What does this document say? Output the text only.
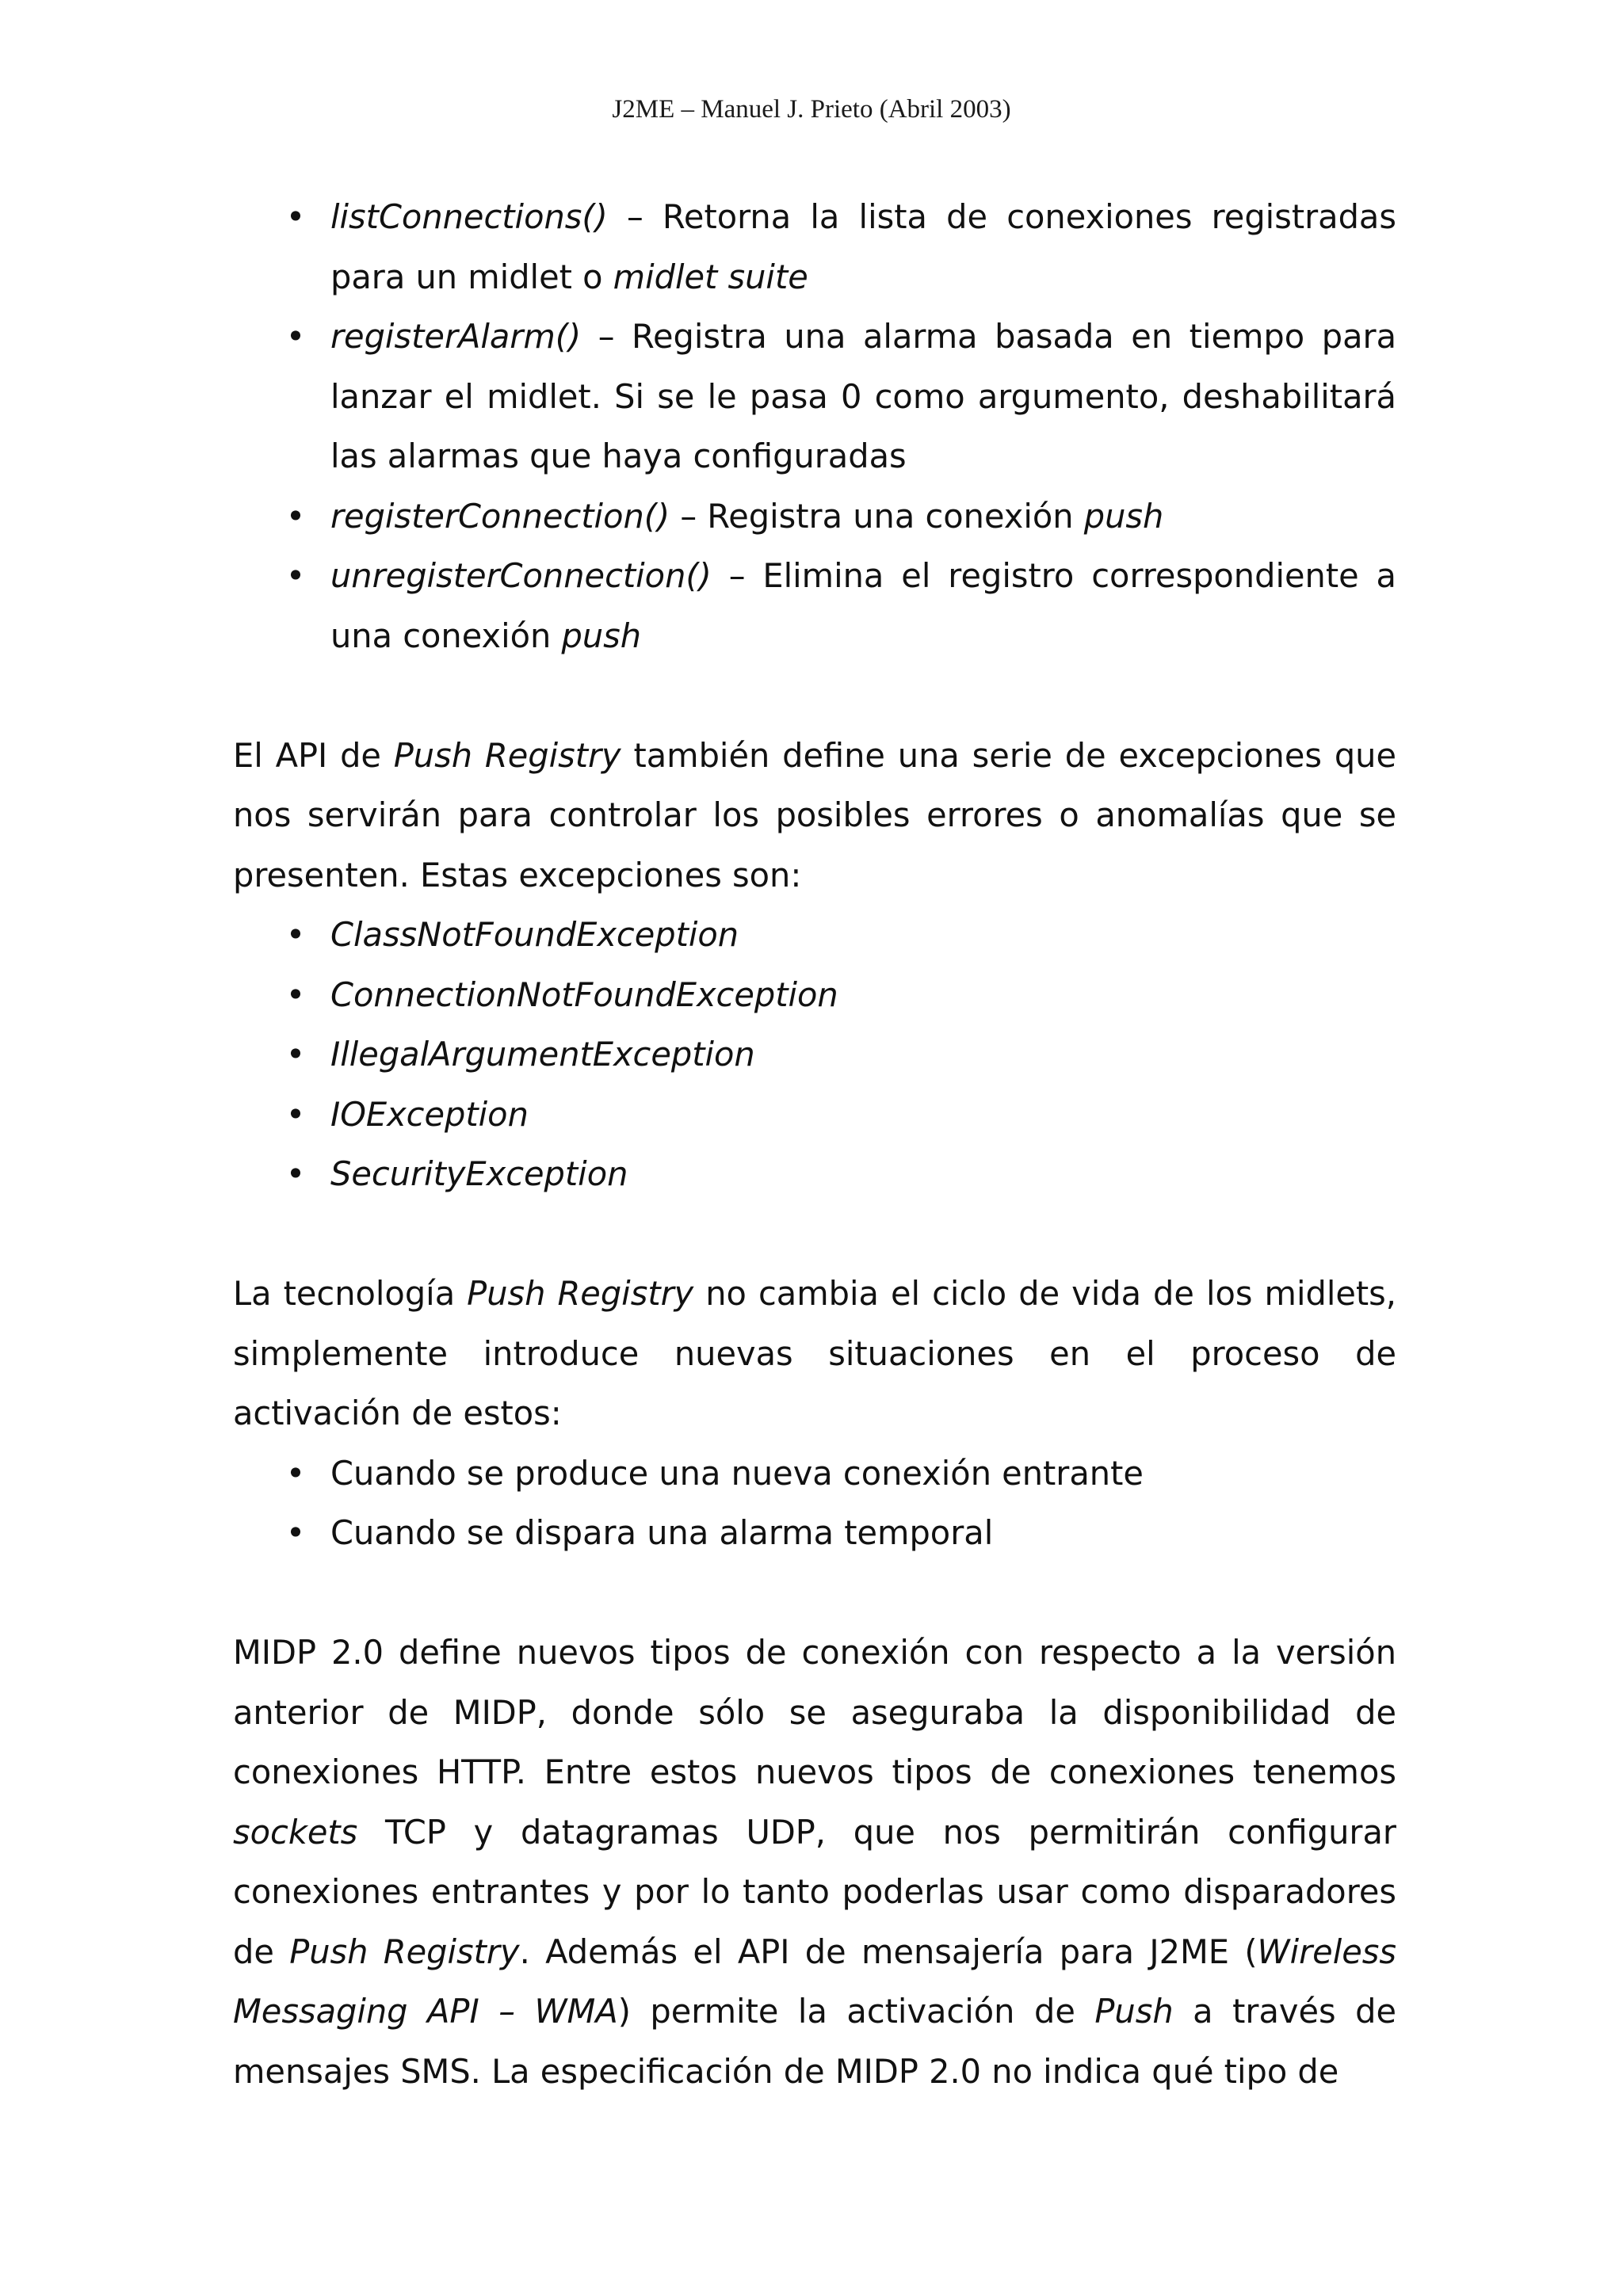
J2ME – Manuel J. Prieto (Abril 2003)
• listConnections() – Retorna la lista de conexiones registradas para un midlet o midlet suite
• registerAlarm() – Registra una alarma basada en tiempo para lanzar el midlet. Si se le pasa 0 como argumento, deshabilitará las alarmas que haya configuradas
• registerConnection() – Registra una conexión push
• unregisterConnection() – Elimina el registro correspondiente a una conexión push

El API de Push Registry también define una serie de excepciones que nos servirán para controlar los posibles errores o anomalías que se presenten. Estas excepciones son:

• ClassNotFoundException
• ConnectionNotFoundException
• IllegalArgumentException
• IOException
• SecurityException

La tecnología Push Registry no cambia el ciclo de vida de los midlets, simplemente introduce nuevas situaciones en el proceso de activación de estos:

• Cuando se produce una nueva conexión entrante
• Cuando se dispara una alarma temporal

MIDP 2.0 define nuevos tipos de conexión con respecto a la versión anterior de MIDP, donde sólo se aseguraba la disponibilidad de conexiones HTTP. Entre estos nuevos tipos de conexiones tenemos sockets TCP y datagramas UDP, que nos permitirán configurar conexiones entrantes y por lo tanto poderlas usar como disparadores de Push Registry. Además el API de mensajería para J2ME (Wireless Messaging API – WMA) permite la activación de Push a través de mensajes SMS. La especificación de MIDP 2.0 no indica qué tipo de
